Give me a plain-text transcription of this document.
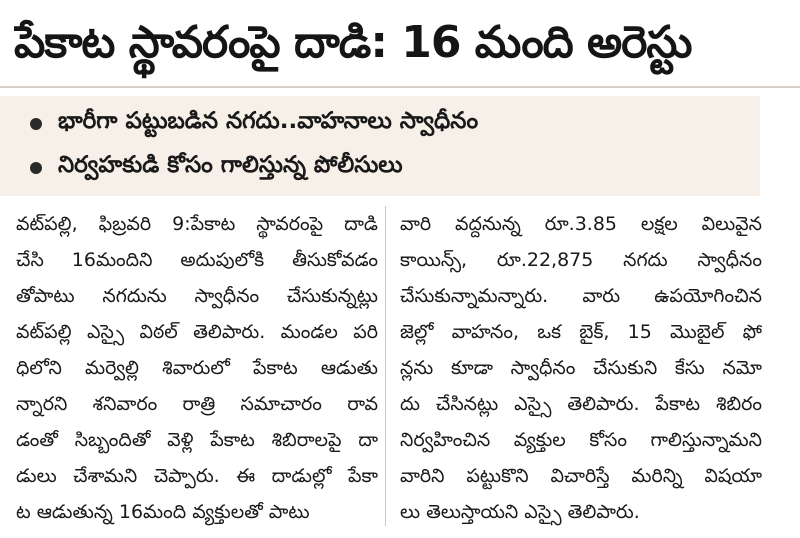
పేకాట స్థావరంపై దాడి: 16 మంది అరెస్టు
భారీగా పట్టుబడిన నగదు..వాహనాలు స్వాధీనం
నిర్వహకుడి కోసం గాలిస్తున్న పోలీసులు
వట్‌పల్లి, ఫిబ్రవరి 9:పేకాట స్థావరంపై దాడి
చేసి 16మందిని అదుపులోకి తీసుకోవడం
తోపాటు నగదును స్వాధీనం చేసుకున్నట్లు
వట్‌పల్లి ఎస్సై విఠల్ తెలిపారు. మండల పరి
ధిలోని మర్వెల్లి శివారులో పేకాట ఆడుతు
న్నారని శనివారం రాత్రి సమాచారం రావ
డంతో సిబ్బందితో వెళ్లి పేకాట శిబిరాలపై దా
డులు చేశామని చెప్పారు. ఈ దాడుల్లో పేకా
ట ఆడుతున్న 16మంది వ్యక్తులతో పాటు
వారి వద్దనున్న రూ.3.85 లక్షల విలువైన
కాయిన్స్, రూ.22,875 నగదు స్వాధీనం
చేసుకున్నామన్నారు. వారు ఉపయోగించిన
జెల్లో వాహనం, ఒక బైక్, 15 మొబైల్ ఫో
న్లను కూడా స్వాధీనం చేసుకుని కేసు నమో
దు చేసినట్లు ఎస్సై తెలిపారు. పేకాట శిబిరం
నిర్వహించిన వ్యక్తుల కోసం గాలిస్తున్నామని
వారిని పట్టుకొని విచారిస్తే మరిన్ని విషయా
లు తెలుస్తాయని ఎస్సై తెలిపారు.
